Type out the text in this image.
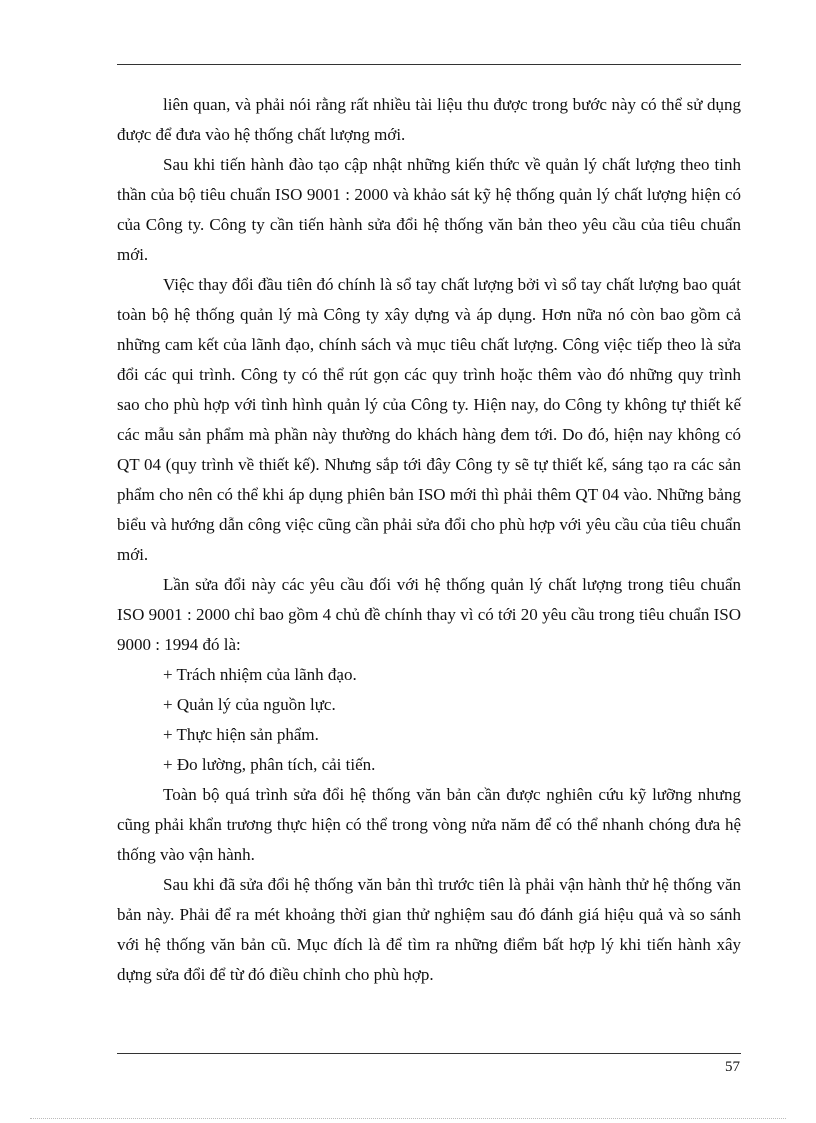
liên quan, và phải nói rằng rất nhiều tài liệu thu được trong bước này có thể sử dụng được để đưa vào hệ thống chất lượng mới.

Sau khi tiến hành đào tạo cập nhật những kiến thức về quản lý chất lượng theo tinh thần của bộ tiêu chuẩn ISO 9001 : 2000 và khảo sát kỹ hệ thống quản lý chất lượng hiện có của Công ty. Công ty cần tiến hành sửa đổi hệ thống văn bản theo yêu cầu của tiêu chuẩn mới.

Việc thay đổi đầu tiên đó chính là sổ tay chất lượng bởi vì sổ tay chất lượng bao quát toàn bộ hệ thống quản lý mà Công ty xây dựng và áp dụng. Hơn nữa nó còn bao gồm cả những cam kết của lãnh đạo, chính sách và mục tiêu chất lượng. Công việc tiếp theo là sửa đổi các qui trình. Công ty có thể rút gọn các quy trình hoặc thêm vào đó những quy trình sao cho phù hợp với tình hình quản lý của Công ty. Hiện nay, do Công ty không tự thiết kế các mẫu sản phẩm mà phần này thường do khách hàng đem tới. Do đó, hiện nay không có QT 04 (quy trình về thiết kế). Nhưng sắp tới đây Công ty sẽ tự thiết kế, sáng tạo ra các sản phẩm cho nên có thể khi áp dụng phiên bản ISO mới thì phải thêm QT 04 vào. Những bảng biểu và hướng dẫn công việc cũng cần phải sửa đổi cho phù hợp với yêu cầu của tiêu chuẩn mới.

Lần sửa đổi này các yêu cầu đối với hệ thống quản lý chất lượng trong tiêu chuẩn ISO 9001 : 2000 chỉ bao gồm 4 chủ đề chính thay vì có tới 20 yêu cầu trong tiêu chuẩn ISO 9000 : 1994 đó là:

+ Trách nhiệm của lãnh đạo.

+ Quản lý của nguồn lực.

+ Thực hiện sản phẩm.

+ Đo lường, phân tích, cải tiến.

Toàn bộ quá trình sửa đổi hệ thống văn bản cần được nghiên cứu kỹ lưỡng nhưng cũng phải khẩn trương thực hiện có thể trong vòng nửa năm để có thể nhanh chóng đưa hệ thống vào vận hành.

Sau khi đã sửa đổi hệ thống văn bản thì trước tiên là phải vận hành thử hệ thống văn bản này. Phải để ra mét khoảng thời gian thử nghiệm sau đó đánh giá hiệu quả và so sánh với hệ thống văn bản cũ. Mục đích là để tìm ra những điểm bất hợp lý khi tiến hành xây dựng sửa đổi để từ đó điều chỉnh cho phù hợp.

57
